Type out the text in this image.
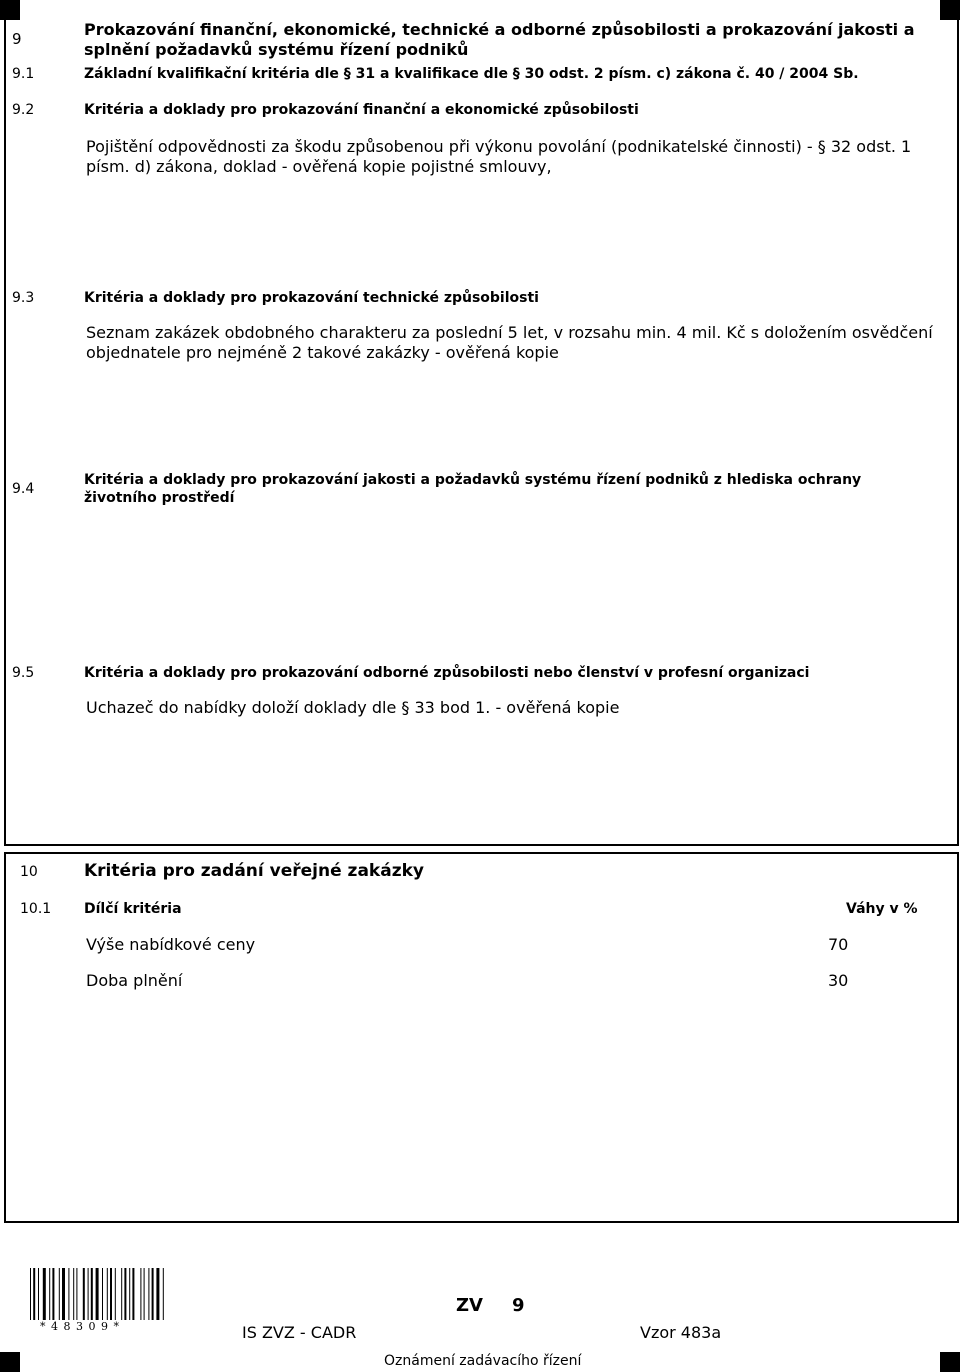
9	Prokazování finanční, ekonomické, technické a odborné způsobilosti a prokazování jakosti a splnění požadavků systému řízení podniků
9.1	Základní kvalifikační kritéria dle § 31 a kvalifikace dle § 30 odst. 2 písm. c) zákona č. 40 / 2004 Sb.
9.2	Kritéria a doklady pro prokazování finanční a ekonomické způsobilosti
Pojištění odpovědnosti za škodu způsobenou při výkonu povolání (podnikatelské činnosti) - § 32 odst. 1 písm. d) zákona, doklad - ověřená kopie pojistné smlouvy,
9.3	Kritéria a doklady pro prokazování technické způsobilosti
Seznam zakázek obdobného charakteru za poslední 5 let, v rozsahu min. 4 mil. Kč s doložením osvědčení objednatele pro nejméně 2 takové zakázky - ověřená kopie
9.4
Kritéria a doklady pro prokazování jakosti a požadavků systému řízení podniků z hlediska ochrany životního prostředí
9.5	Kritéria a doklady pro prokazování odborné způsobilosti nebo členství v profesní organizaci
Uchazeč do nabídky doloží doklady dle § 33 bod 1. - ověřená kopie
10	Kritéria pro zadání veřejné zakázky
10.1 Dílčí kritéria	Váhy v %
Výše nabídkové ceny	70
Doba plnění	30
* 4 8 3 0 9 *
ZV 9
IS ZVZ - CADR	Vzor 483a
Oznámení zadávacího řízení
